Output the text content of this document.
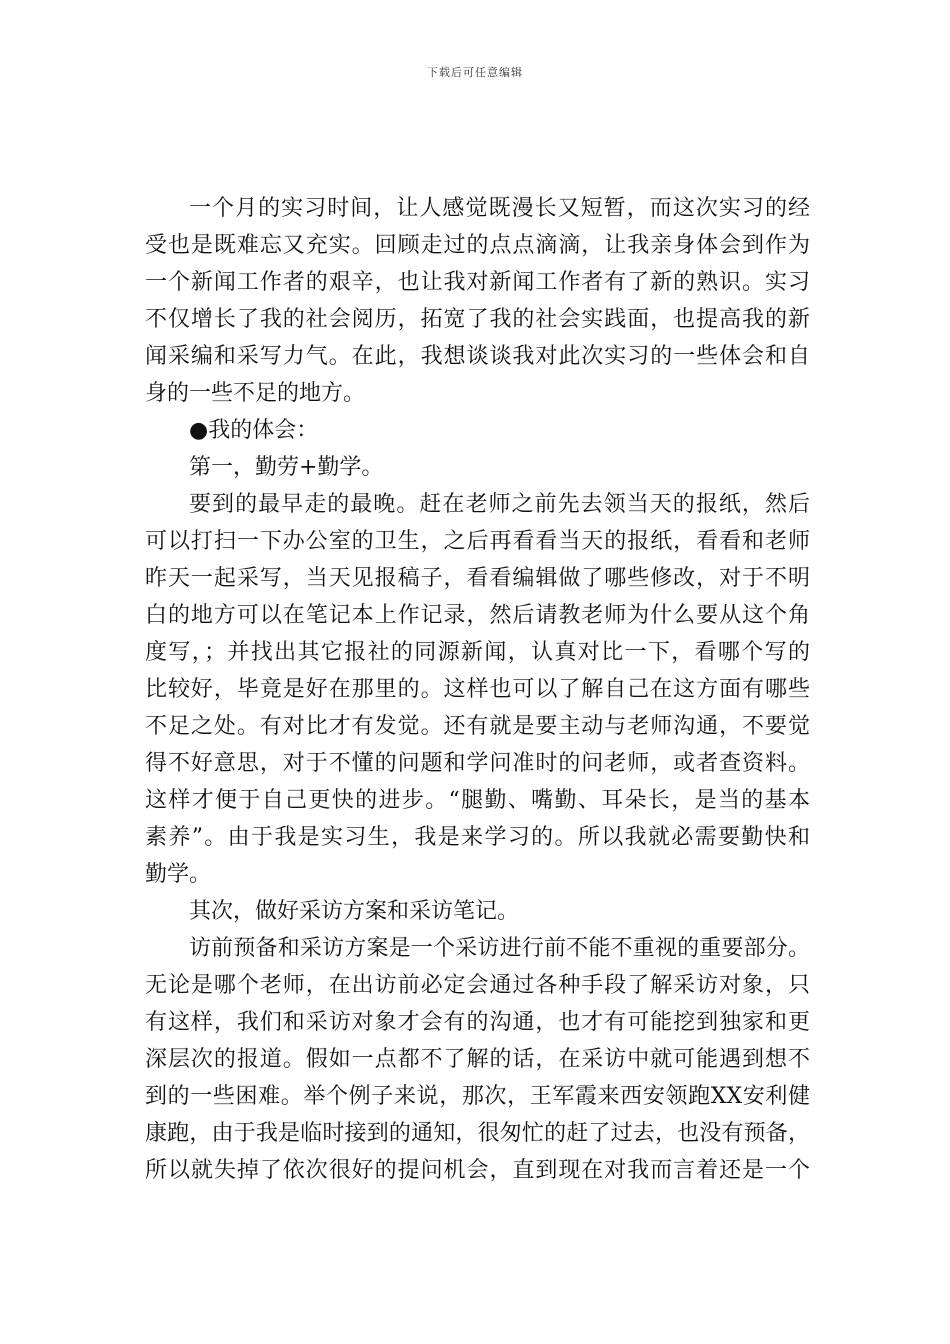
下载后可任意编辑
一个月的实习时间，让人感觉既漫长又短暂，而这次实习的经
受也是既难忘又充实。回顾走过的点点滴滴，让我亲身体会到作为
一个新闻工作者的艰辛，也让我对新闻工作者有了新的熟识。实习
不仅增长了我的社会阅历，拓宽了我的社会实践面，也提高我的新
闻采编和采写力气。在此，我想谈谈我对此次实习的一些体会和自
身的一些不足的地方。
●我的体会：
第一，勤劳+勤学。
要到的最早走的最晚。赶在老师之前先去领当天的报纸，然后
可以打扫一下办公室的卫生，之后再看看当天的报纸，看看和老师
昨天一起采写，当天见报稿子，看看编辑做了哪些修改，对于不明
白的地方可以在笔记本上作记录，然后请教老师为什么要从这个角
度写，；并找出其它报社的同源新闻，认真对比一下，看哪个写的
比较好，毕竟是好在那里的。这样也可以了解自己在这方面有哪些
不足之处。有对比才有发觉。还有就是要主动与老师沟通，不要觉
得不好意思，对于不懂的问题和学问准时的问老师，或者查资料。
这样才便于自己更快的进步。“腿勤、嘴勤、耳朵长，是当的基本
素养”。由于我是实习生，我是来学习的。所以我就必需要勤快和
勤学。
其次，做好采访方案和采访笔记。
访前预备和采访方案是一个采访进行前不能不重视的重要部分。
无论是哪个老师，在出访前必定会通过各种手段了解采访对象，只
有这样，我们和采访对象才会有的沟通，也才有可能挖到独家和更
深层次的报道。假如一点都不了解的话，在采访中就可能遇到想不
到的一些困难。举个例子来说，那次，王军霞来西安领跑XX安利健
康跑，由于我是临时接到的通知，很匆忙的赶了过去，也没有预备，
所以就失掉了依次很好的提问机会，直到现在对我而言着还是一个
